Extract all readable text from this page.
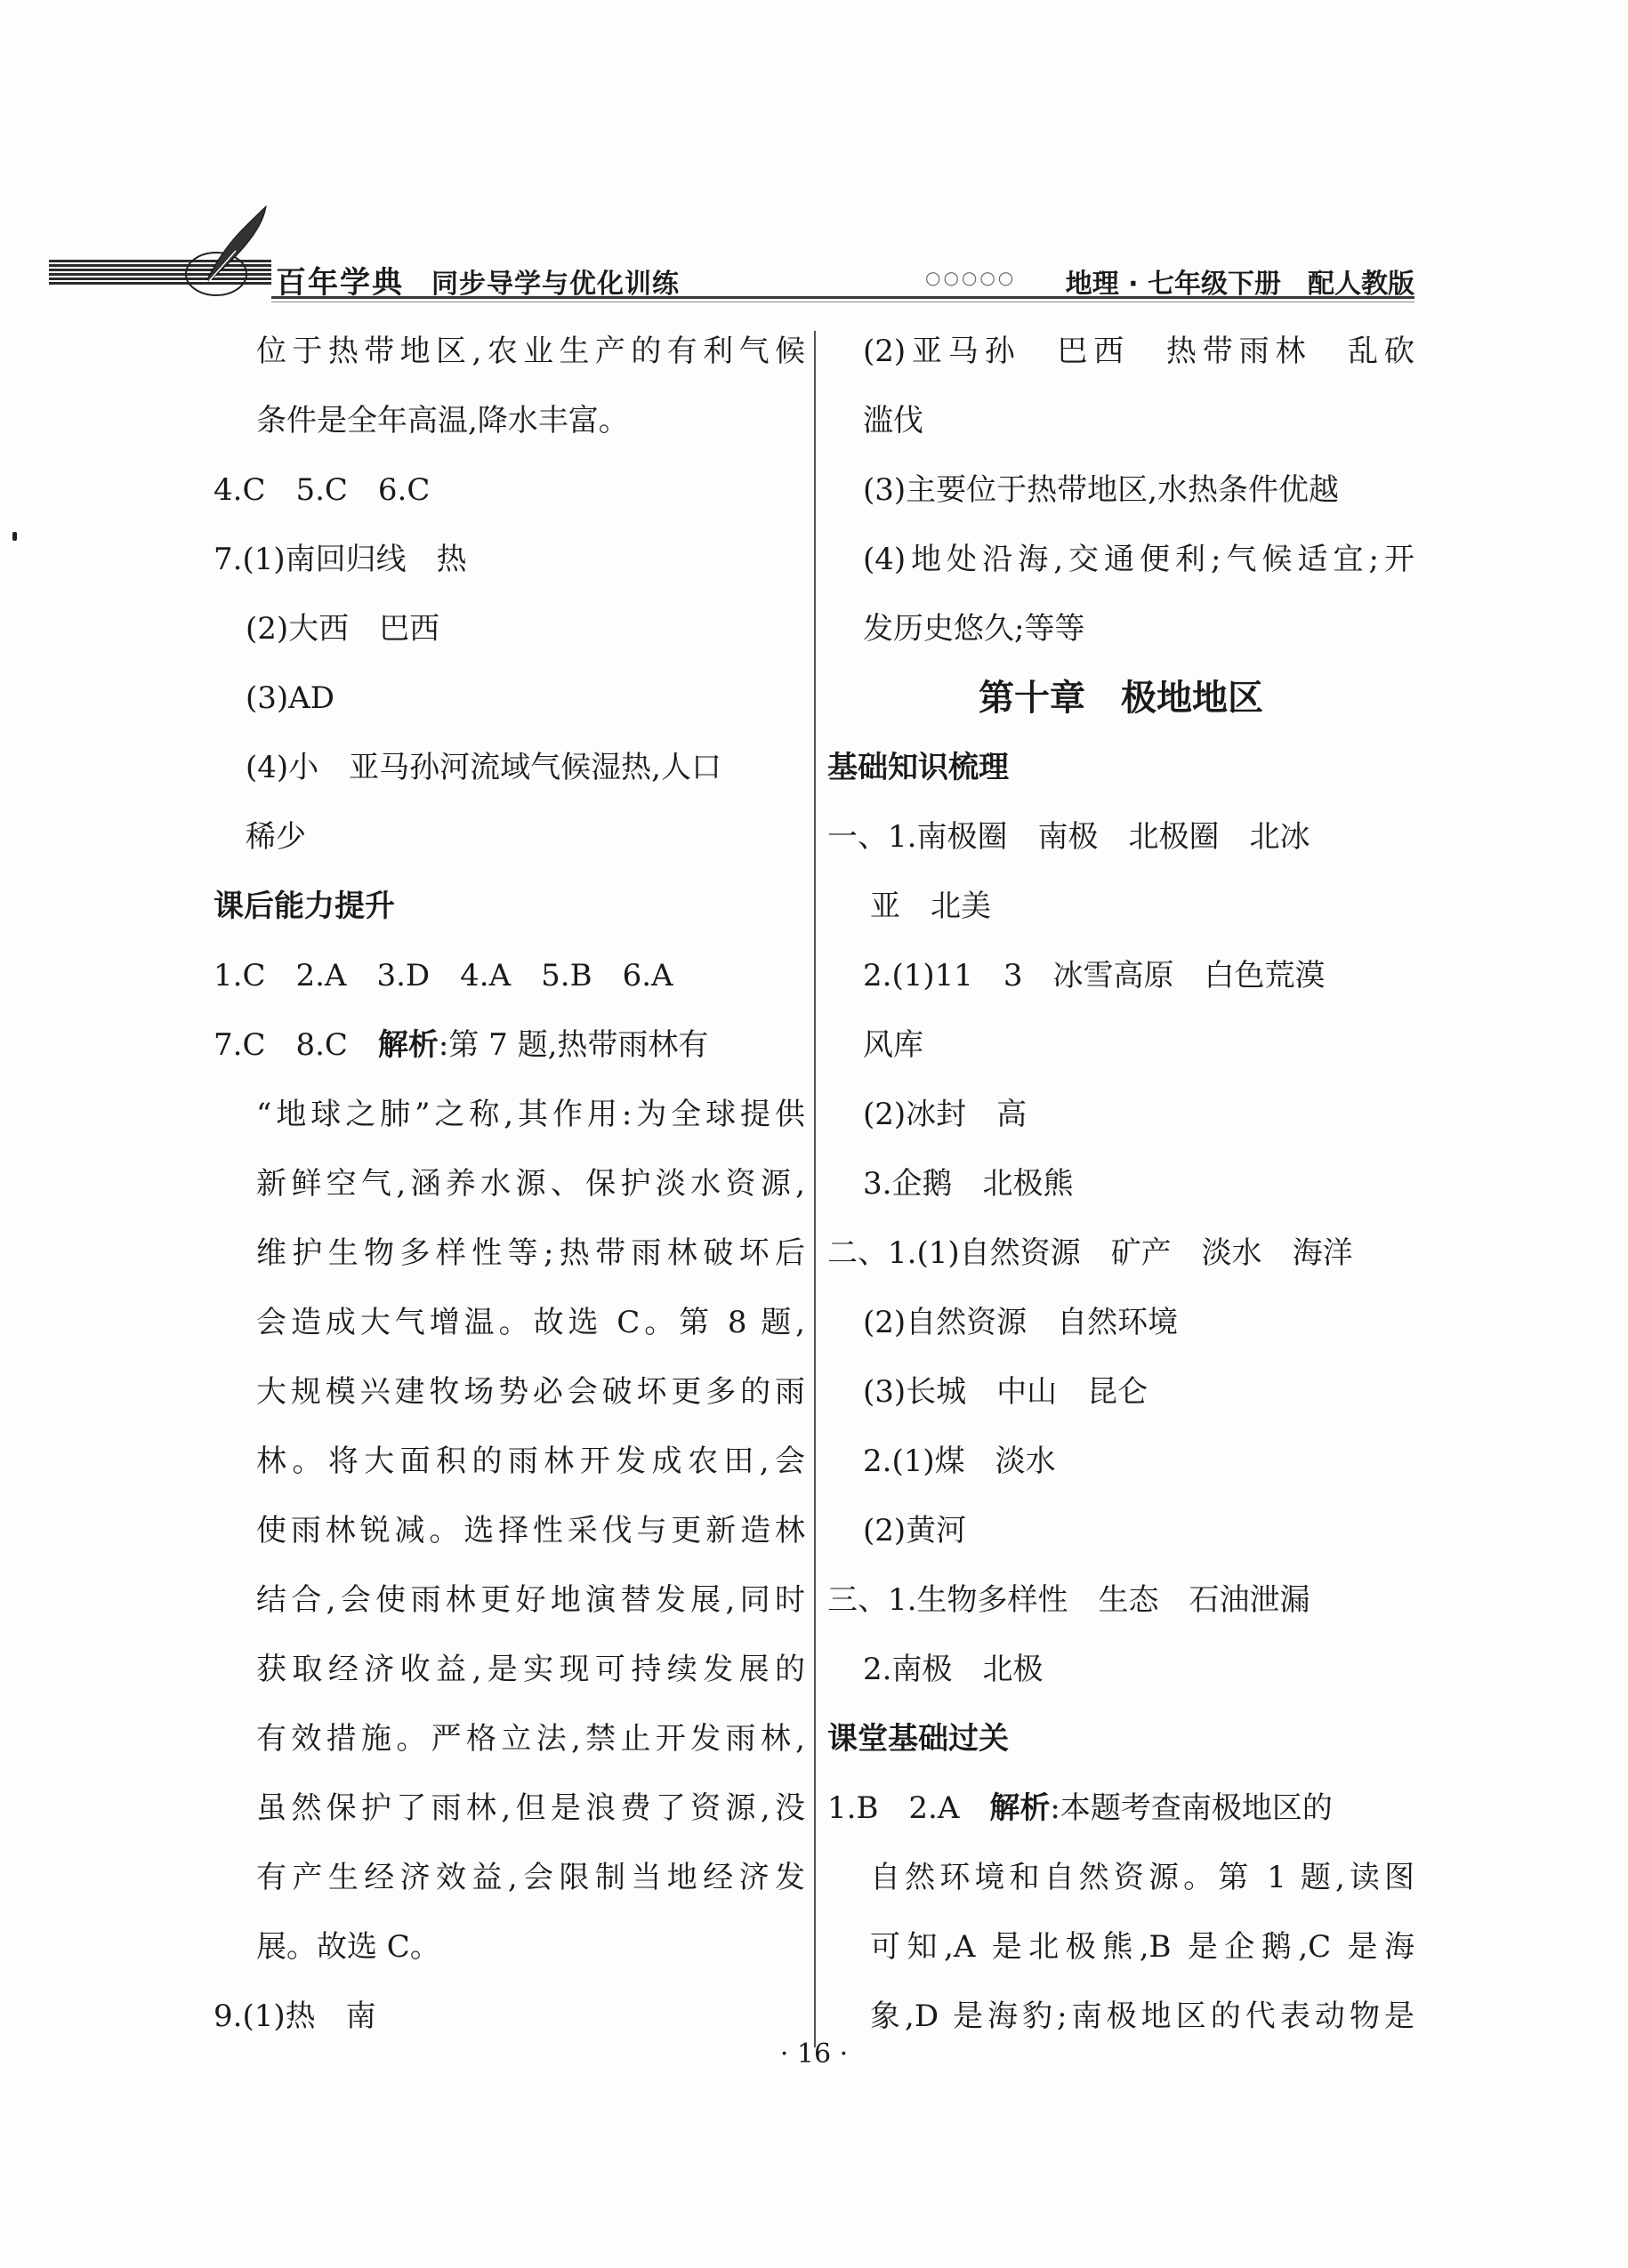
百年学典 同步导学与优化训练	○○○○○ 地理 · 七年级下册　配人教版
位于热带地区,农业生产的有利气候
条件是全年高温,降水丰富。
4.C　5.C　6.C
7.(1)南回归线　热
(2)大西　巴西
(3)AD
(4)小　亚马孙河流域气候湿热,人口
稀少
课后能力提升
1.C　2.A　3.D　4.A　5.B　6.A
7.C　8.C　解析:第 7 题,热带雨林有
“地球之肺”之称,其作用:为全球提供
新鲜空气,涵养水源、保护淡水资源,
维护生物多样性等;热带雨林破坏后
会造成大气增温。故选 C。第 8 题,
大规模兴建牧场势必会破坏更多的雨
林。将大面积的雨林开发成农田,会
使雨林锐减。选择性采伐与更新造林
结合,会使雨林更好地演替发展,同时
获取经济收益,是实现可持续发展的
有效措施。严格立法,禁止开发雨林,
虽然保护了雨林,但是浪费了资源,没
有产生经济效益,会限制当地经济发
展。故选 C。
9.(1)热　南
(2)亚马孙　巴西　热带雨林　乱砍
滥伐
(3)主要位于热带地区,水热条件优越
(4)地处沿海,交通便利;气候适宜;开
发历史悠久;等等
第十章　极地地区
基础知识梳理
一、1.南极圈　南极　北极圈　北冰
亚　北美
2.(1)11　3　冰雪高原　白色荒漠
风库
(2)冰封　高
3.企鹅　北极熊
二、1.(1)自然资源　矿产　淡水　海洋
(2)自然资源　自然环境
(3)长城　中山　昆仑
2.(1)煤　淡水
(2)黄河
三、1.生物多样性　生态　石油泄漏
2.南极　北极
课堂基础过关
1.B　2.A　解析:本题考查南极地区的
自然环境和自然资源。第 1 题,读图
可知,A 是北极熊,B 是企鹅,C 是海
象,D 是海豹;南极地区的代表动物是
· 16 ·
